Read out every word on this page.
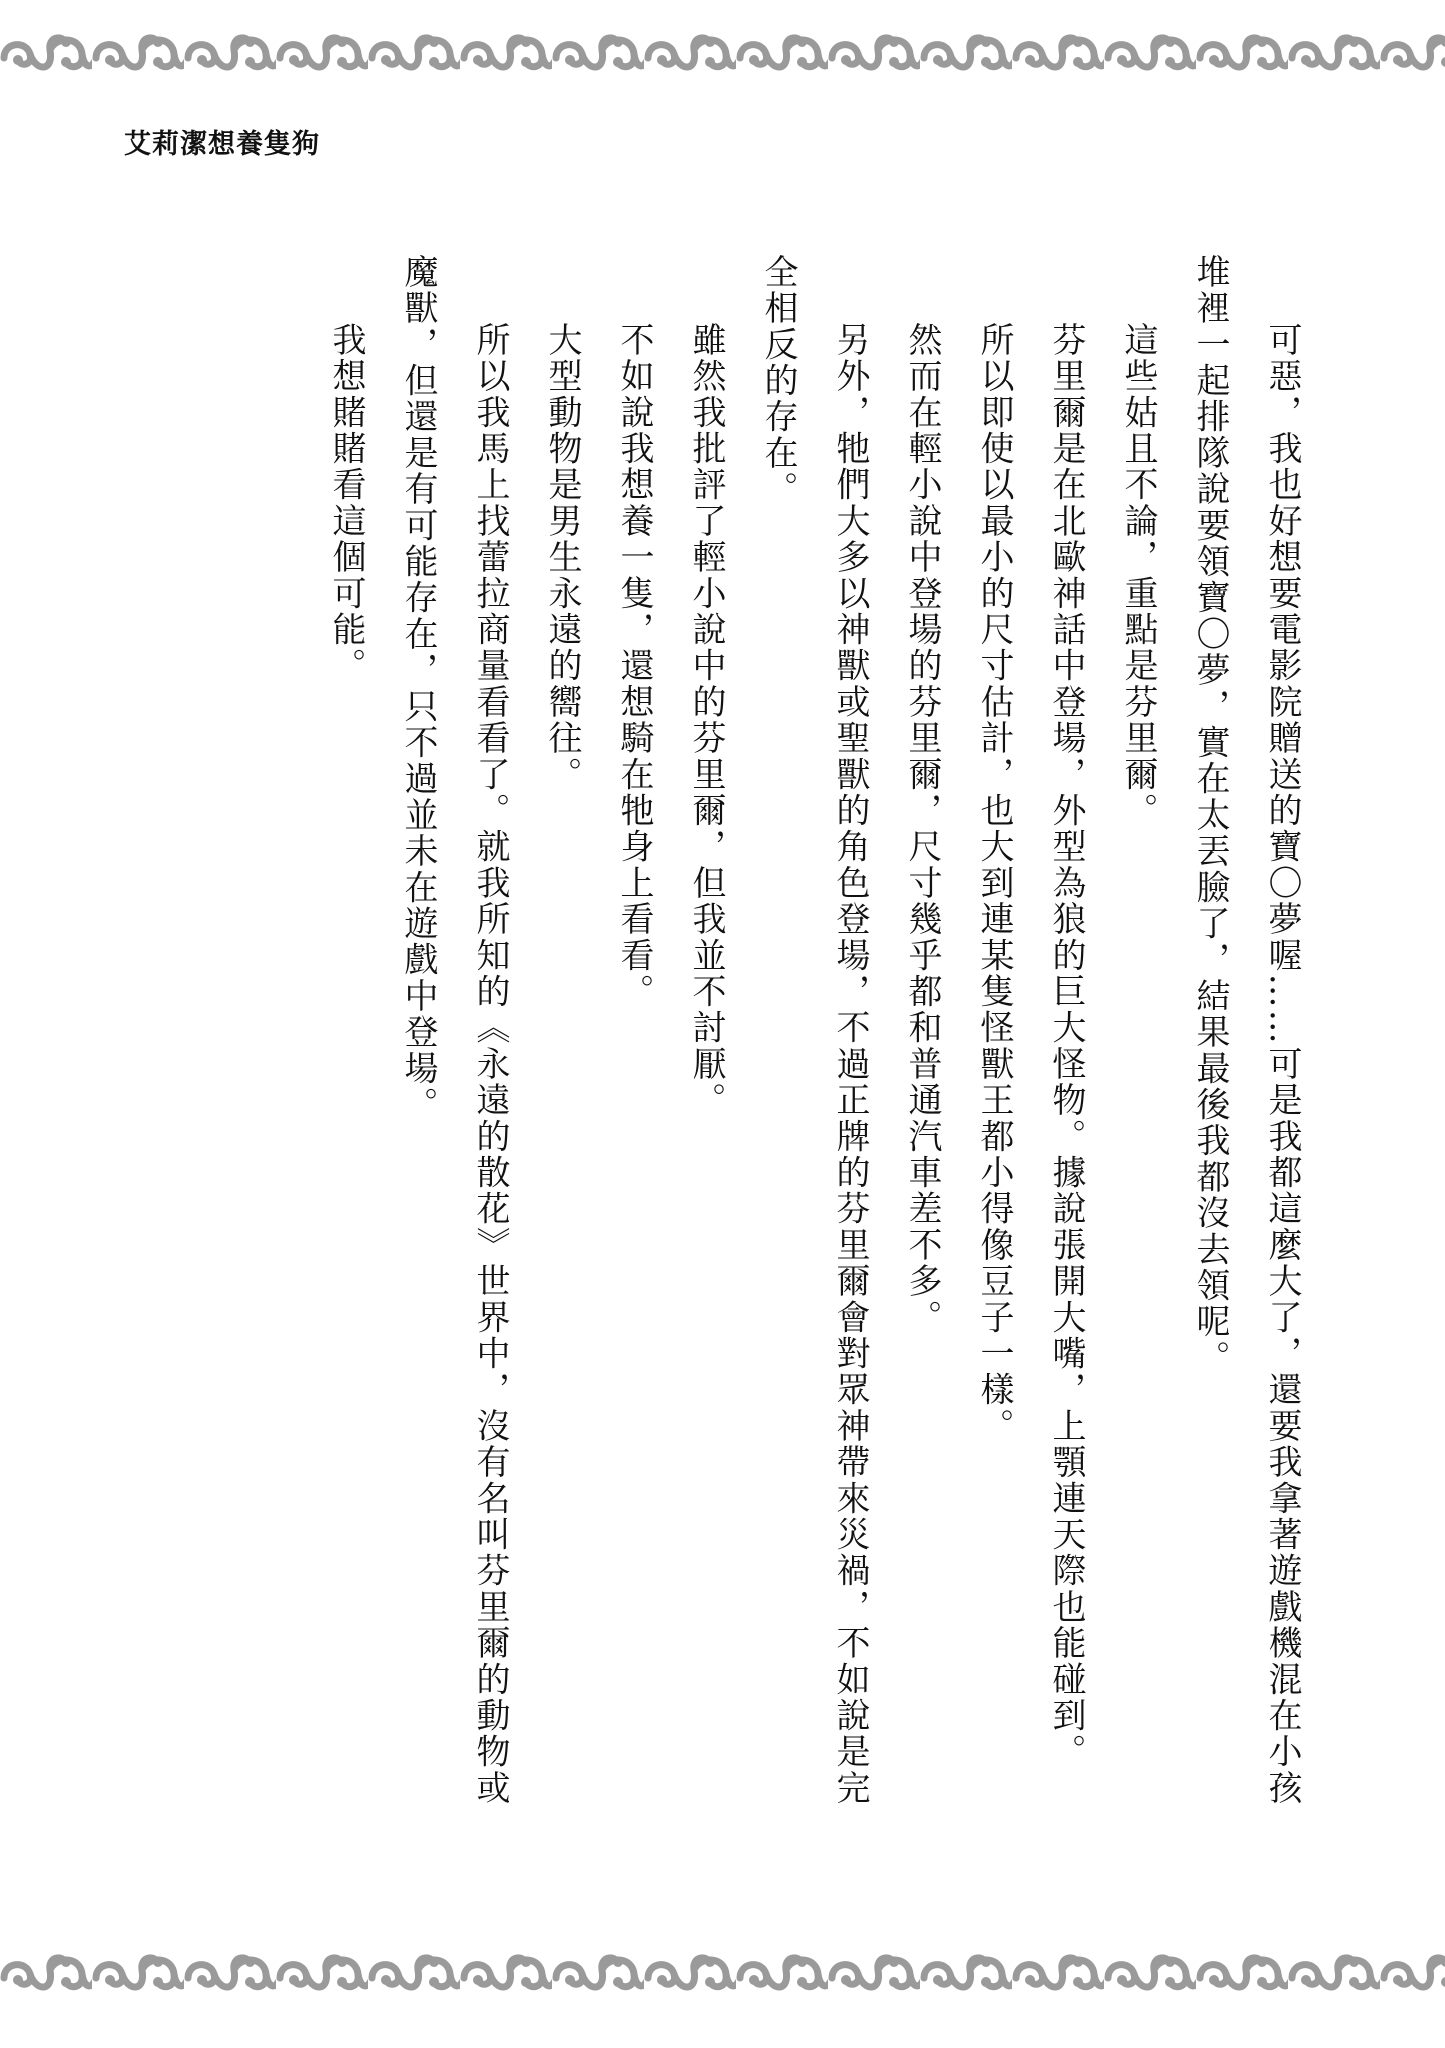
艾莉潔想養隻狗

可惡，我也好想要電影院贈送的寶〇夢喔……可是我都這麼大了，還要我拿著遊戲機混在小孩堆裡一起排隊說要領寶〇夢，實在太丟臉了，結果最後我都沒去領呢。

這些姑且不論，重點是芬里爾。

芬里爾是在北歐神話中登場，外型為狼的巨大怪物。據說張開大嘴，上顎連天際也能碰到。

所以即使以最小的尺寸估計，也大到連某隻怪獸王都小得像豆子一樣。

然而在輕小說中登場的芬里爾，尺寸幾乎都和普通汽車差不多。

另外，牠們大多以神獸或聖獸的角色登場，不過正牌的芬里爾會對眾神帶來災禍，不如說是完全相反的存在。

雖然我批評了輕小說中的芬里爾，但我並不討厭。

不如說我想養一隻，還想騎在牠身上看看。

大型動物是男生永遠的嚮往。

所以我馬上找蕾拉商量看看了。就我所知的《永遠的散花》世界中，沒有名叫芬里爾的動物或魔獸，但還是有可能存在，只不過並未在遊戲中登場。

我想賭賭看這個可能。
